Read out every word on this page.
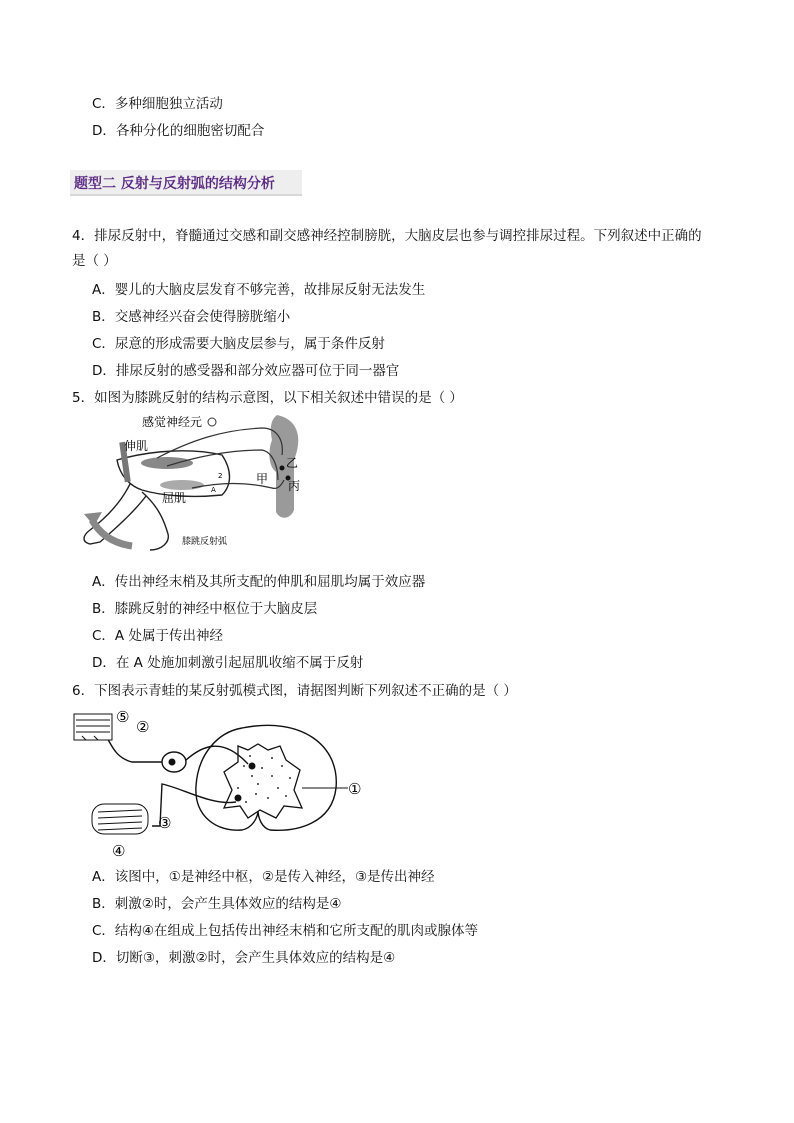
C．多种细胞独立活动
D．各种分化的细胞密切配合
题型二 反射与反射弧的结构分析
4．排尿反射中，脊髓通过交感和副交感神经控制膀胱，大脑皮层也参与调控排尿过程。下列叙述中正确的
是（ ）
A．婴儿的大脑皮层发育不够完善，故排尿反射无法发生
B．交感神经兴奋会使得膀胱缩小
C．尿意的形成需要大脑皮层参与，属于条件反射
D．排尿反射的感受器和部分效应器可位于同一器官
5．如图为膝跳反射的结构示意图，以下相关叙述中错误的是（ ）
感觉神经元
伸肌
屈肌
甲
乙
丙
2
A
膝跳反射弧
A．传出神经末梢及其所支配的伸肌和屈肌均属于效应器
B．膝跳反射的神经中枢位于大脑皮层
C．A 处属于传出神经
D．在 A 处施加刺激引起屈肌收缩不属于反射
6．下图表示青蛙的某反射弧模式图，请据图判断下列叙述不正确的是（ ）
⑤
②
③
④
①
A．该图中，①是神经中枢，②是传入神经，③是传出神经
B．刺激②时，会产生具体效应的结构是④
C．结构④在组成上包括传出神经末梢和它所支配的肌肉或腺体等
D．切断③，刺激②时，会产生具体效应的结构是④
